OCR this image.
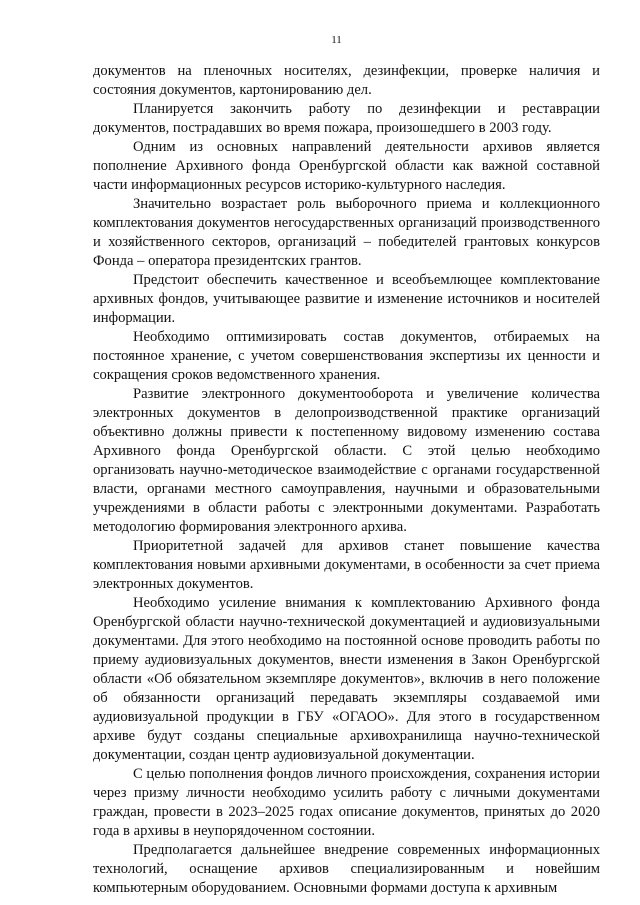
11

документов на пленочных носителях, дезинфекции, проверке наличия и состояния документов, картонированию дел.

Планируется закончить работу по дезинфекции и реставрации документов, пострадавших во время пожара, произошедшего в 2003 году.

Одним из основных направлений деятельности архивов является пополнение Архивного фонда Оренбургской области как важной составной части информационных ресурсов историко-культурного наследия.

Значительно возрастает роль выборочного приема и коллекционного комплектования документов негосударственных организаций производственного и хозяйственного секторов, организаций – победителей грантовых конкурсов Фонда – оператора президентских грантов.

Предстоит обеспечить качественное и всеобъемлющее комплектование архивных фондов, учитывающее развитие и изменение источников и носителей информации.

Необходимо оптимизировать состав документов, отбираемых на постоянное хранение, с учетом совершенствования экспертизы их ценности и сокращения сроков ведомственного хранения.

Развитие электронного документооборота и увеличение количества электронных документов в делопроизводственной практике организаций объективно должны привести к постепенному видовому изменению состава Архивного фонда Оренбургской области. С этой целью необходимо организовать научно-методическое взаимодействие с органами государственной власти, органами местного самоуправления, научными и образовательными учреждениями в области работы с электронными документами. Разработать методологию формирования электронного архива.

Приоритетной задачей для архивов станет повышение качества комплектования новыми архивными документами, в особенности за счет приема электронных документов.

Необходимо усиление внимания к комплектованию Архивного фонда Оренбургской области научно-технической документацией и аудиовизуальными документами. Для этого необходимо на постоянной основе проводить работы по приему аудиовизуальных документов, внести изменения в Закон Оренбургской области «Об обязательном экземпляре документов», включив в него положение об обязанности организаций передавать экземпляры создаваемой ими аудиовизуальной продукции в ГБУ «ОГАОО». Для этого в государственном архиве будут созданы специальные архивохранилища научно-технической документации, создан центр аудиовизуальной документации.

С целью пополнения фондов личного происхождения, сохранения истории через призму личности необходимо усилить работу с личными документами граждан, провести в 2023–2025 годах описание документов, принятых до 2020 года в архивы в неупорядоченном состоянии.

Предполагается дальнейшее внедрение современных информационных технологий, оснащение архивов специализированным и новейшим компьютерным оборудованием. Основными формами доступа к архивным
